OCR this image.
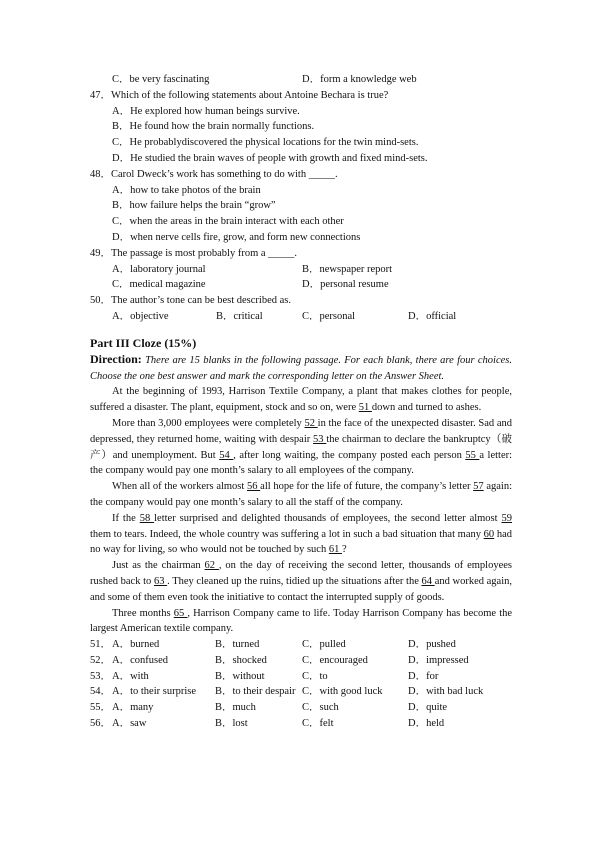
C．be very fascinating	D．form a knowledge web
47．Which of the following statements about Antoine Bechara is true?
A．He explored how human beings survive.
B．He found how the brain normally functions.
C．He probablydiscovered the physical locations for the twin mind-sets.
D．He studied the brain waves of people with growth and fixed mind-sets.
48．Carol Dweck’s work has something to do with _____.
A．how to take photos of the brain
B．how failure helps the brain “grow”
C．when the areas in the brain interact with each other
D．when nerve cells fire, grow, and form new connections
49．The passage is most probably from a _____.
A．laboratory journal	B．newspaper report
C．medical magazine	D．personal resume
50．The author’s tone can be best described as.
A．objective	B．critical	C．personal	D．official
Part III Cloze (15%)
Direction: There are 15 blanks in the following passage. For each blank, there are four choices. Choose the one best answer and mark the corresponding letter on the Answer Sheet.

At the beginning of 1993, Harrison Textile Company, a plant that makes clothes for people, suffered a disaster. The plant, equipment, stock and so on, were 51 down and turned to ashes.

More than 3,000 employees were completely 52 in the face of the unexpected disaster. Sad and depressed, they returned home, waiting with despair 53 the chairman to declare the bankruptcy（破产）and unemployment. But 54 , after long waiting, the company posted each person 55 a letter: the company would pay one month’s salary to all employees of the company.

When all of the workers almost 56 all hope for the life of future, the company’s letter 57 again: the company would pay one month’s salary to all the staff of the company.

If the 58 letter surprised and delighted thousands of employees, the second letter almost 59 them to tears. Indeed, the whole country was suffering a lot in such a bad situation that many 60 had no way for living, so who would not be touched by such 61 ?

Just as the chairman 62 , on the day of receiving the second letter, thousands of employees rushed back to 63 . They cleaned up the ruins, tidied up the situations after the 64 and worked again, and some of them even took the initiative to contact the interrupted supply of goods.

Three months 65 , Harrison Company came to life. Today Harrison Company has become the largest American textile company.

51． A．burned	B．turned	C．pulled	D．pushed
52． A．confused	B．shocked	C．encouraged	D．impressed
53． A．with	B．without	C．to	D．for
54． A．to their surprise B．to their despair C．with good luck D．with bad luck
55． A．many	B．much	C．such	D．quite
56． A．saw	B．lost	C．felt	D．held
